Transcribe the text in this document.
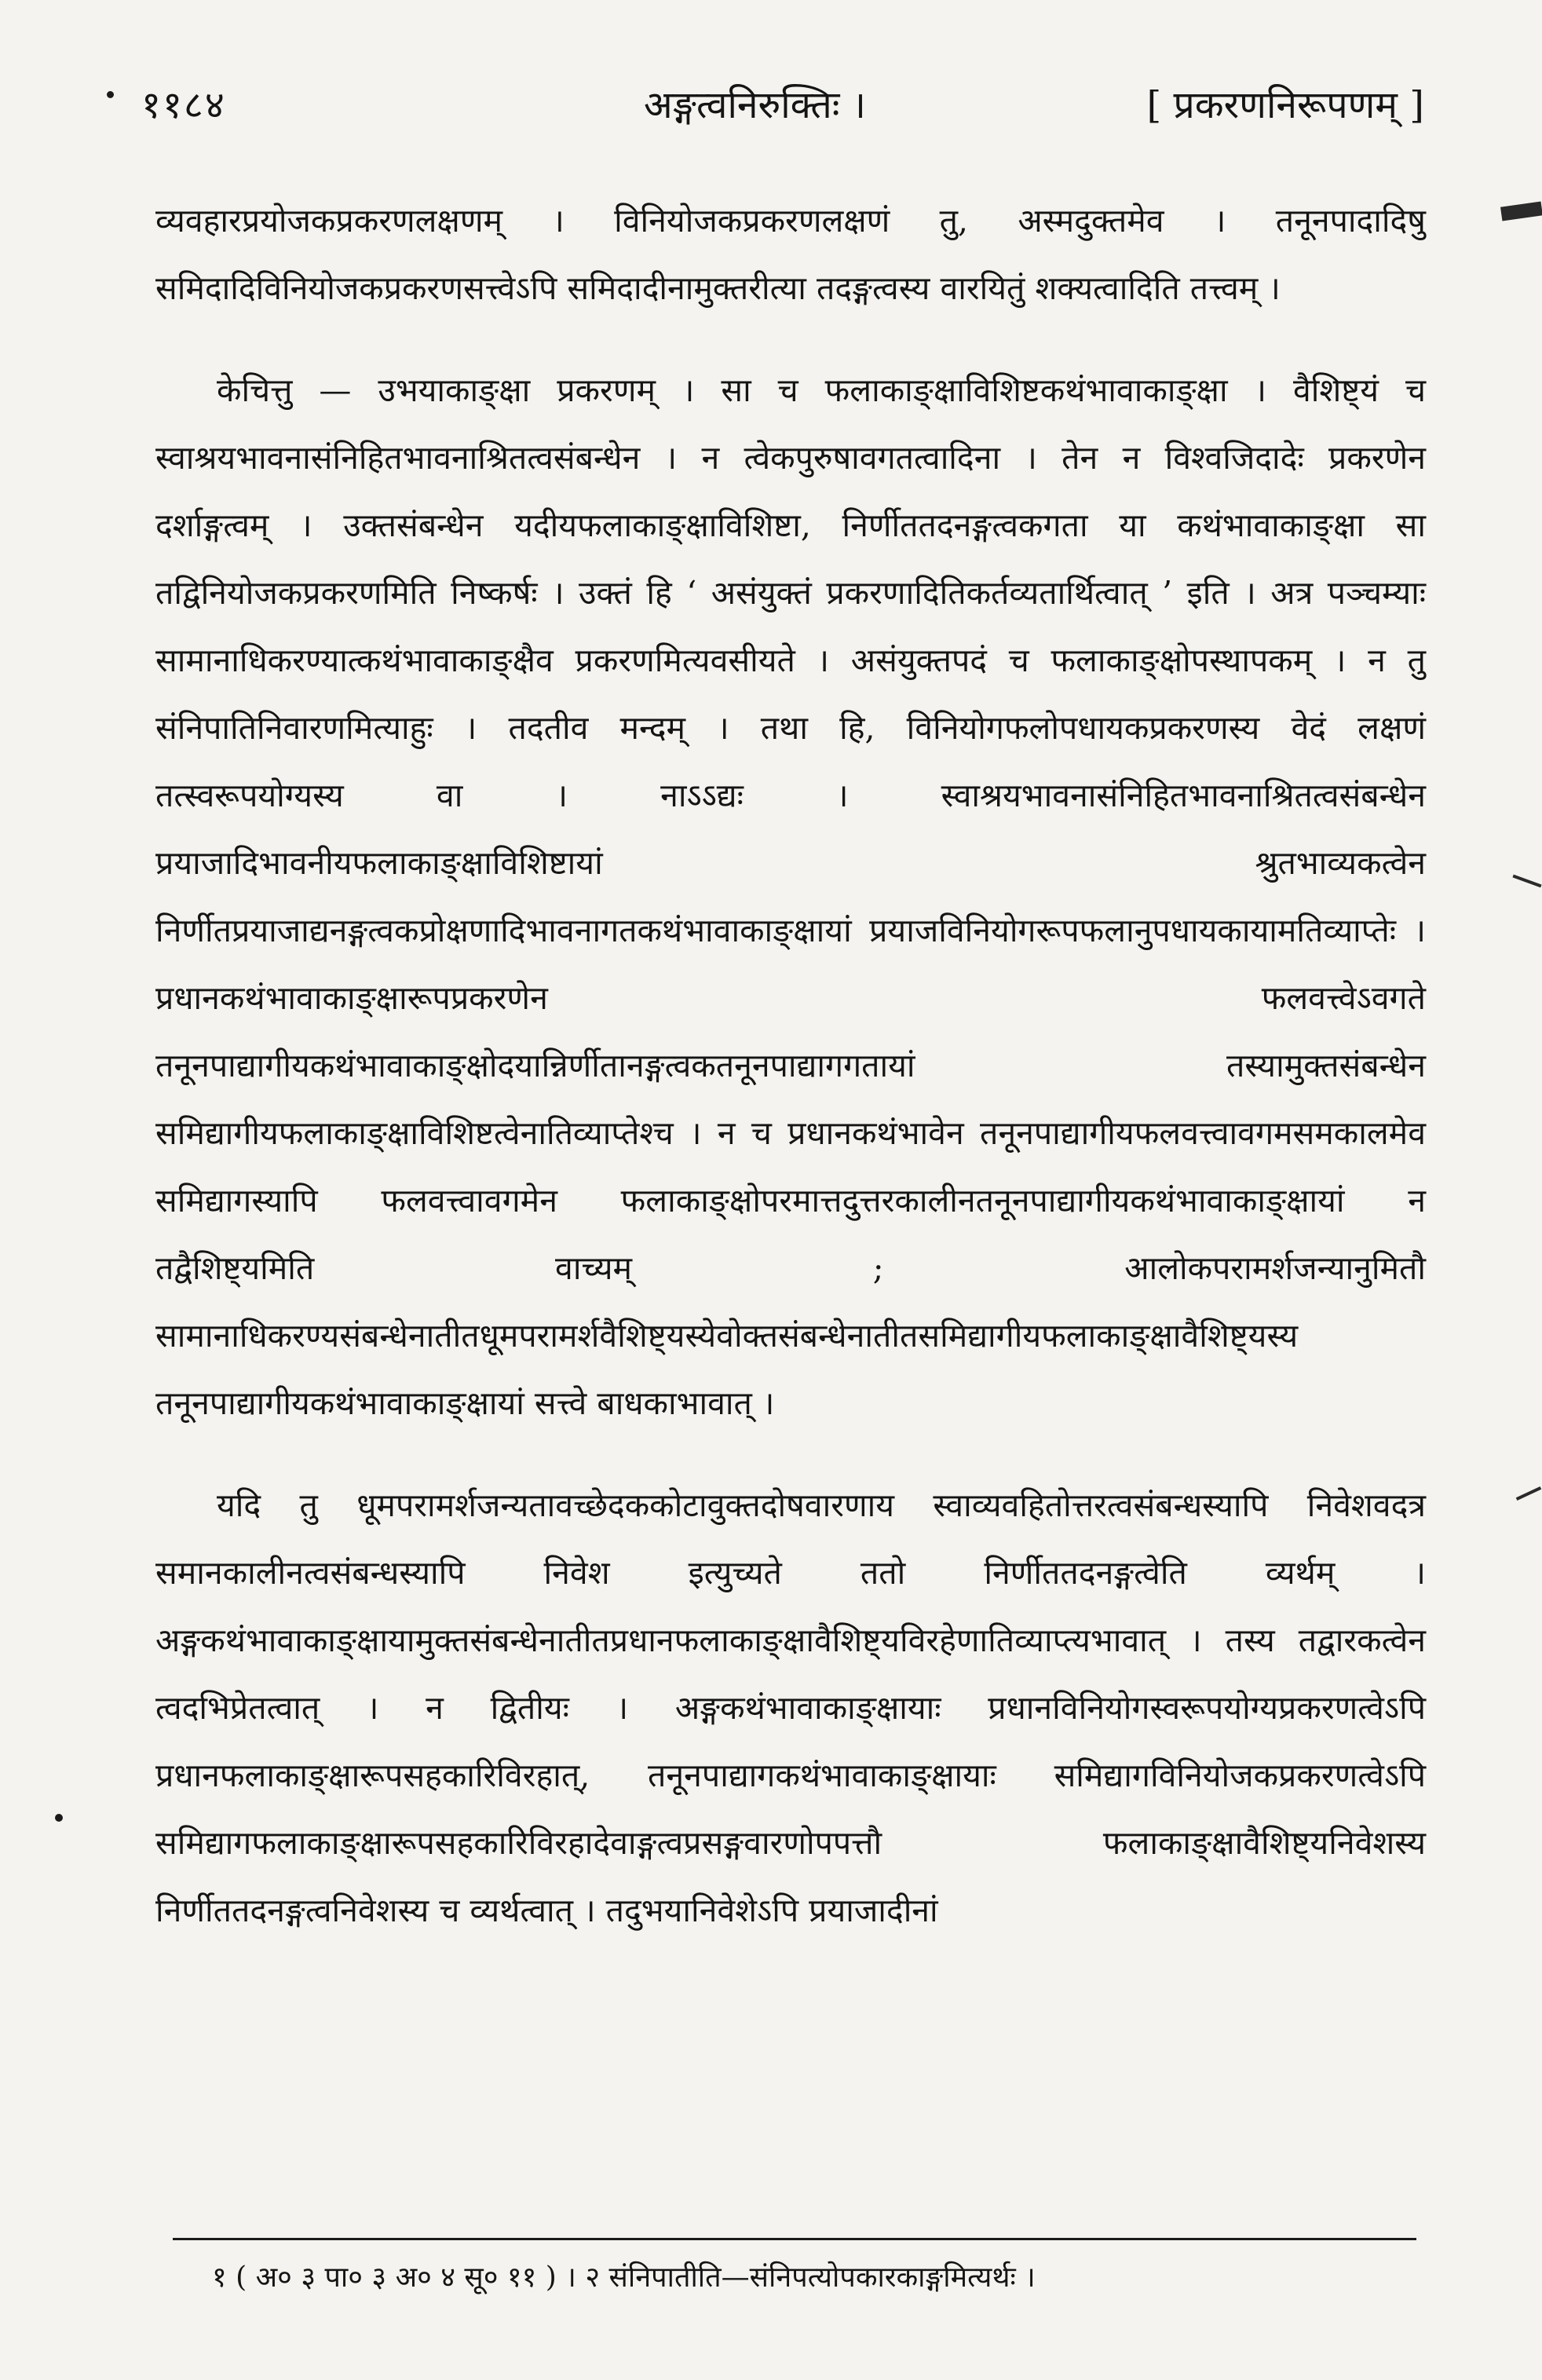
११८४	अङ्गत्वनिरुक्तिः ।	[ प्रकरणनिरूपणम् ]

व्यवहारप्रयोजकप्रकरणलक्षणम् । विनियोजकप्रकरणलक्षणं तु, अस्मदुक्तमेव । तनूनपादादिषु समिदादिविनियोजकप्रकरणसत्त्वेऽपि समिदादीनामुक्तरीत्या तदङ्गत्वस्य वारयितुं शक्यत्वादिति तत्त्वम् ।

केचित्तु — उभयाकाङ्क्षा प्रकरणम् । सा च फलाकाङ्क्षाविशिष्टकथंभावाकाङ्क्षा । वैशिष्ट्यं च स्वाश्रयभावनासंनिहितभावनाश्रितत्वसंबन्धेन । न त्वेकपुरुषावगतत्वादिना । तेन न विश्वजिदादेः प्रकरणेन दर्शाङ्गत्वम् । उक्तसंबन्धेन यदीयफलाकाङ्क्षाविशिष्टा, निर्णीततदनङ्गत्वकगता या कथंभावाकाङ्क्षा सा तद्विनियोजकप्रकरणमिति निष्कर्षः । उक्तं हि ‘ असंयुक्तं प्रकरणादितिकर्तव्यतार्थित्वात् ’ इति । अत्र पञ्चम्याः सामानाधिकरण्यात्कथंभावाकाङ्क्षैव प्रकरणमित्यवसीयते । असंयुक्तपदं च फलाकाङ्क्षोपस्थापकम् । न तु संनिपातिनिवारणमित्याहुः । तदतीव मन्दम् । तथा हि, विनियोगफलोपधायकप्रकरणस्य वेदं लक्षणं तत्स्वरूपयोग्यस्य वा । नाऽऽद्यः । स्वाश्रयभावनासंनिहितभावनाश्रितत्वसंबन्धेन प्रयाजादिभावनीयफलाकाङ्क्षाविशिष्टायां श्रुतभाव्यकत्वेन निर्णीतप्रयाजाद्यनङ्गत्वकप्रोक्षणादिभावनागतकथंभावाकाङ्क्षायां प्रयाजविनियोगरूपफलानुपधायकायामतिव्याप्तेः । प्रधानकथंभावाकाङ्क्षारूपप्रकरणेन फलवत्त्वेऽवगते तनूनपाद्यागीयकथंभावाकाङ्क्षोदयान्निर्णीतानङ्गत्वकतनूनपाद्यागगतायां तस्यामुक्तसंबन्धेन समिद्यागीयफलाकाङ्क्षाविशिष्टत्वेनातिव्याप्तेश्च । न च प्रधानकथंभावेन तनूनपाद्यागीयफलवत्त्वावगमसमकालमेव समिद्यागस्यापि फलवत्त्वावगमेन फलाकाङ्क्षोपरमात्तदुत्तरकालीनतनूनपाद्यागीयकथंभावाकाङ्क्षायां न तद्वैशिष्ट्यमिति वाच्यम् ; आलोकपरामर्शजन्यानुमितौ सामानाधिकरण्यसंबन्धेनातीतधूमपरामर्शवैशिष्ट्यस्येवोक्तसंबन्धेनातीतसमिद्यागीयफलाकाङ्क्षावैशिष्ट्यस्य तनूनपाद्यागीयकथंभावाकाङ्क्षायां सत्त्वे बाधकाभावात् ।

यदि तु धूमपरामर्शजन्यतावच्छेदककोटावुक्तदोषवारणाय स्वाव्यवहितोत्तरत्वसंबन्धस्यापि निवेशवदत्र समानकालीनत्वसंबन्धस्यापि निवेश इत्युच्यते ततो निर्णीततदनङ्गत्वेति व्यर्थम् । अङ्गकथंभावाकाङ्क्षायामुक्तसंबन्धेनातीतप्रधानफलाकाङ्क्षावैशिष्ट्यविरहेणातिव्याप्त्यभावात् । तस्य तद्वारकत्वेन त्वदभिप्रेतत्वात् । न द्वितीयः । अङ्गकथंभावाकाङ्क्षायाः प्रधानविनियोगस्वरूपयोग्यप्रकरणत्वेऽपि प्रधानफलाकाङ्क्षारूपसहकारिविरहात्, तनूनपाद्यागकथंभावाकाङ्क्षायाः समिद्यागविनियोजकप्रकरणत्वेऽपि समिद्यागफलाकाङ्क्षारूपसहकारिविरहादेवाङ्गत्वप्रसङ्गवारणोपपत्तौ फलाकाङ्क्षावैशिष्ट्यनिवेशस्य निर्णीततदनङ्गत्वनिवेशस्य च व्यर्थत्वात् । तदुभयानिवेशेऽपि प्रयाजादीनां

१ ( अ० ३ पा० ३ अ० ४ सू० ११ ) । २ संनिपातीति—संनिपत्योपकारकाङ्गमित्यर्थः ।
